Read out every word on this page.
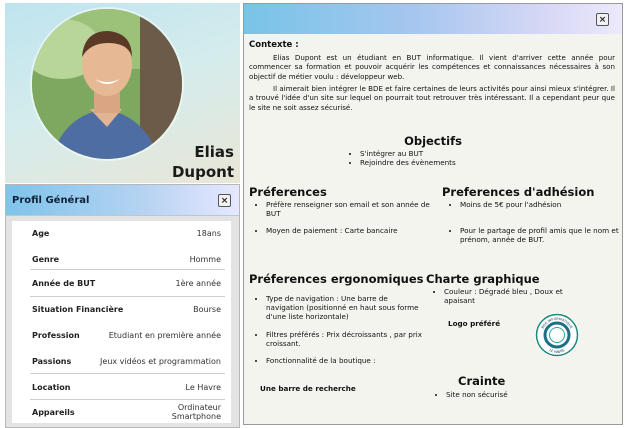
Elias
Dupont
Profil Général	×
Age	18ans
Genre	Homme
Année de BUT	1ère année
Situation Financière	Bourse
Profession	Etudiant en première année
Passions	Jeux vidéos et programmation
Location	Le Havre
Appareils	Ordinateur
Smartphone
×
Contexte :
Elias Dupont est un étudiant en BUT informatique. Il vient d'arriver cette année pour commencer sa formation et pouvoir acquérir les compétences et connaissances nécessaires à son objectif de métier voulu : développeur web.
Il aimerait bien intégrer le BDE et faire certaines de leurs activités pour ainsi mieux s'intégrer. Il a trouvé l'idée d'un site sur lequel on pourrait tout retrouver très intéressant. Il a cependant peur que le site ne soit assez sécurisé.
Objectifs
• S'intégrer au BUT
• Rejoindre des évènements
Préferences
• Préfère renseigner son email et son année de BUT
• Moyen de paiement : Carte bancaire
Preferences d'adhésion
• Moins de 5€ pour l'adhésion
• Pour le partage de profil amis que le nom et prénom, année de BUT.
Préferences ergonomiques
• Type de navigation : Une barre de navigation (positionné en haut sous forme d'une liste horizontale)
• Filtres préférés : Prix décroissants , par prix croissant.
• Fonctionnalité de la boutique :
Une barre de recherche
Charte graphique
• Couleur : Dégradé bleu , Doux et apaisant
Logo préféré	BDE INFORMATIQUE
LE HAVRE
Crainte
• Site non sécurisé
